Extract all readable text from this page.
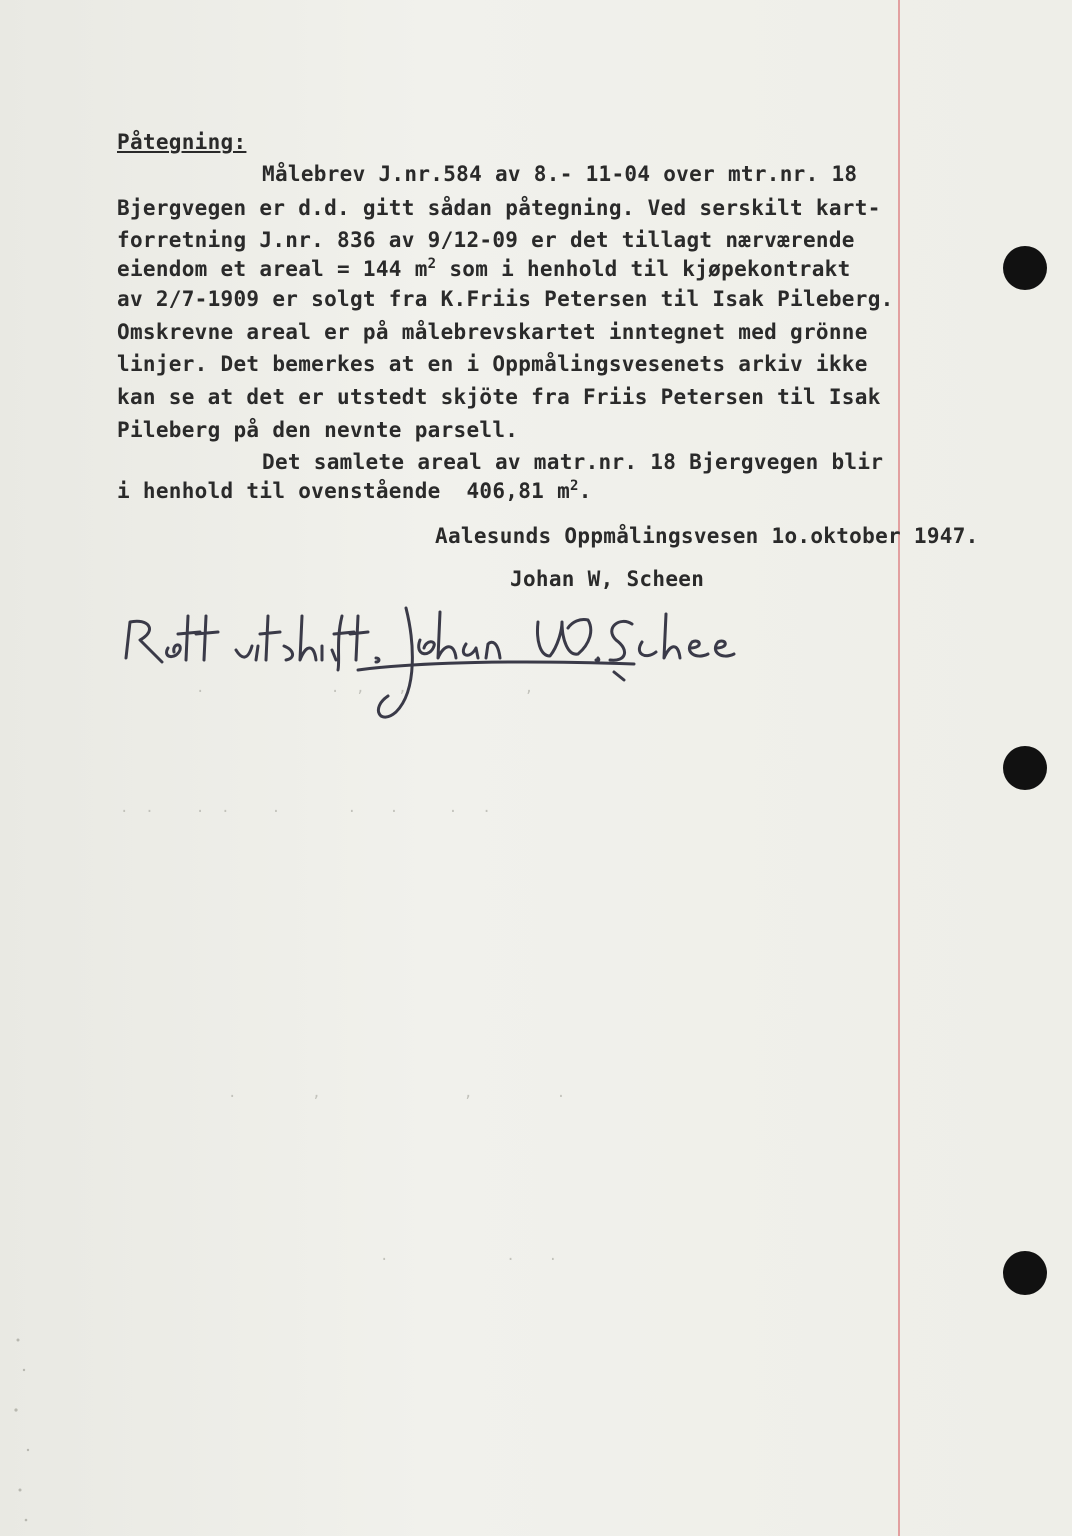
Påtegning:
Målebrev J.nr.584 av 8.- 11-04 over mtr.nr. 18
Bjergvegen er d.d. gitt sådan påtegning. Ved serskilt kart-
forretning J.nr. 836 av 9/12-09 er det tillagt nærværende
eiendom et areal = 144 $m^2$ som i henhold til kjøpekontrakt
av 2/7-1909 er solgt fra K.Friis Petersen til Isak Pileberg.
Omskrevne areal er på målebrevskartet inntegnet med grönne
linjer. Det bemerkes at en i Oppmålingsvesenets arkiv ikke
kan se at det er utstedt skjöte fra Friis Petersen til Isak
Pileberg på den nevnte parsell.
Det samlete areal av matr.nr. 18 Bjergvegen blir
i henhold til ovenstående  406,81 $m^2$.
Aalesunds Oppmålingsvesen 1o.oktober 1947.
Johan W, Scheen
.               .  ,    ,              ,
.  .     .  .     .        .    .      .   .
.         ,                 ,          .
.              .    .
